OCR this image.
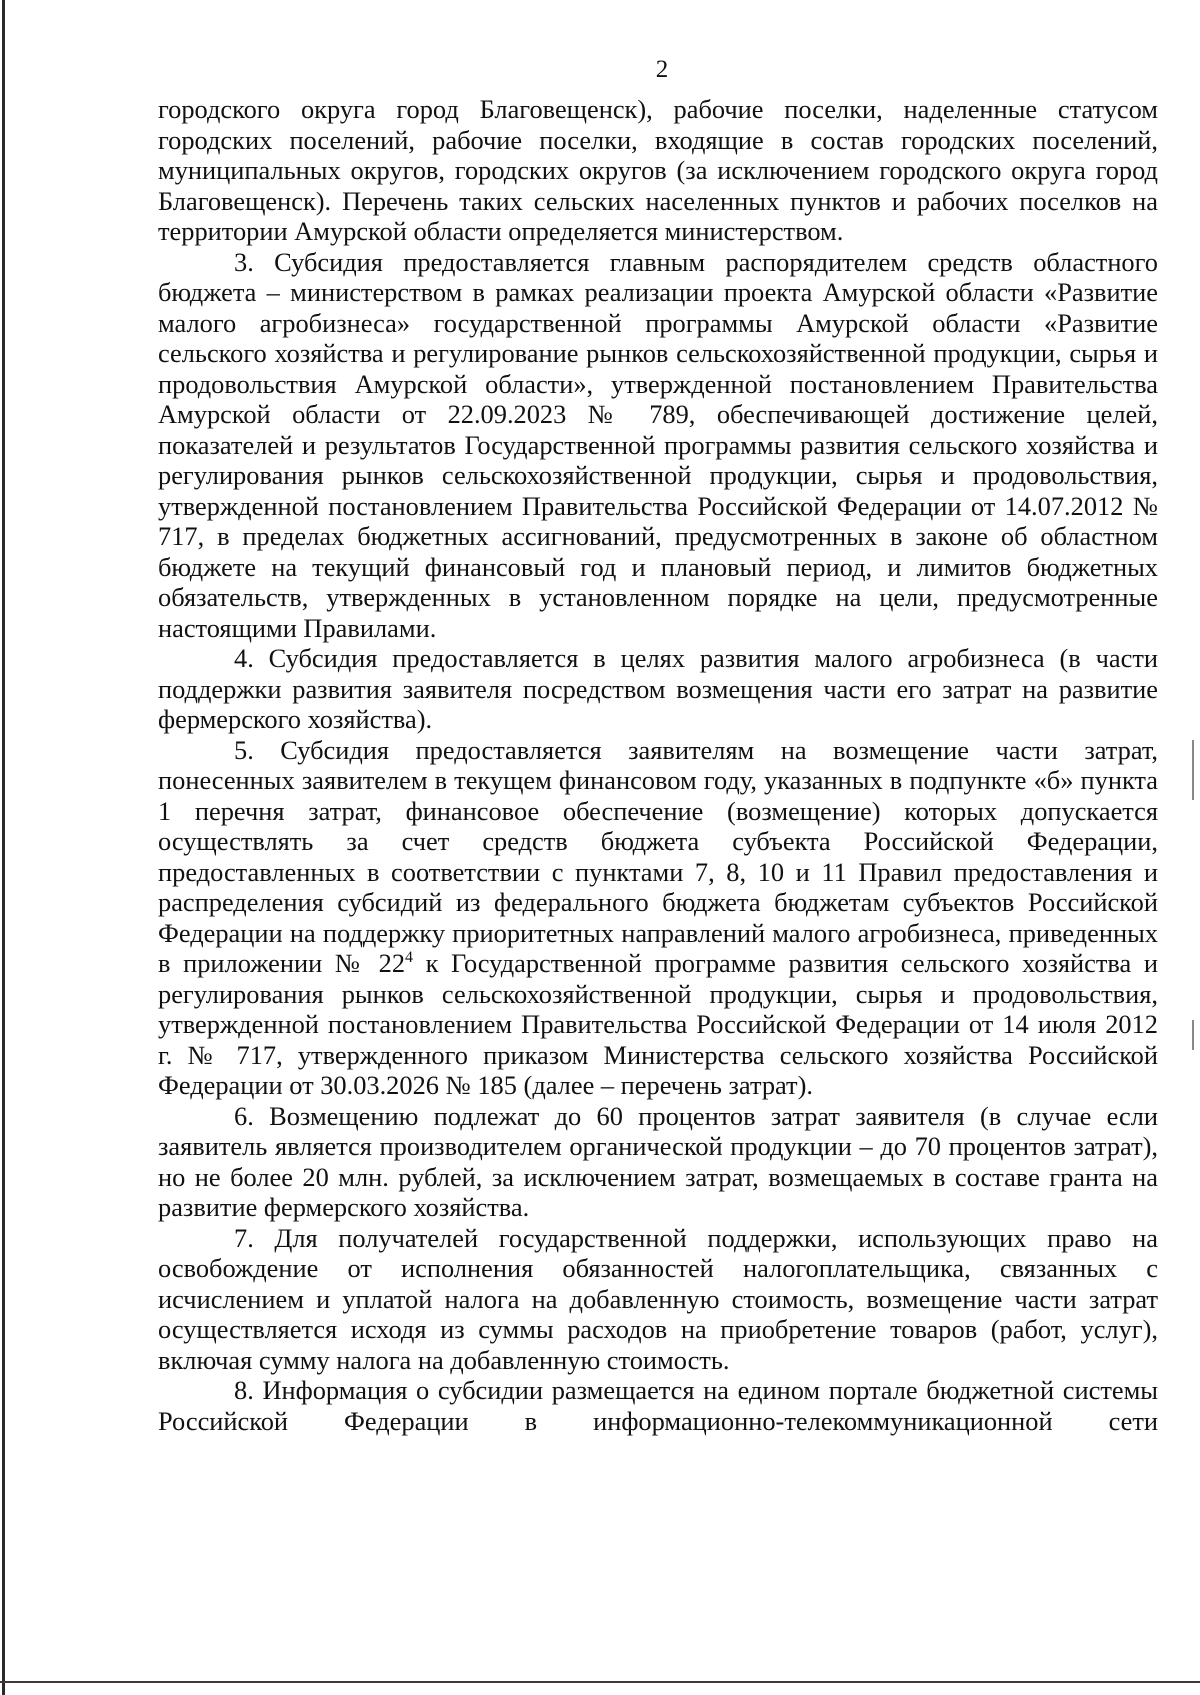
2

городского округа город Благовещенск), рабочие поселки, наделенные статусом городских поселений, рабочие поселки, входящие в состав городских поселений, муниципальных округов, городских округов (за исключением городского округа город Благовещенск). Перечень таких сельских населенных пунктов и рабочих поселков на территории Амурской области определяется министерством.

3. Субсидия предоставляется главным распорядителем средств областного бюджета – министерством в рамках реализации проекта Амурской области «Развитие малого агробизнеса» государственной программы Амурской области «Развитие сельского хозяйства и регулирование рынков сельскохозяйственной продукции, сырья и продовольствия Амурской области», утвержденной постановлением Правительства Амурской области от 22.09.2023 № 789, обеспечивающей достижение целей, показателей и результатов Государственной программы развития сельского хозяйства и регулирования рынков сельскохозяйственной продукции, сырья и продовольствия, утвержденной постановлением Правительства Российской Федерации от 14.07.2012 № 717, в пределах бюджетных ассигнований, предусмотренных в законе об областном бюджете на текущий финансовый год и плановый период, и лимитов бюджетных обязательств, утвержденных в установленном порядке на цели, предусмотренные настоящими Правилами.

4. Субсидия предоставляется в целях развития малого агробизнеса (в части поддержки развития заявителя посредством возмещения части его затрат на развитие фермерского хозяйства).

5. Субсидия предоставляется заявителям на возмещение части затрат, понесенных заявителем в текущем финансовом году, указанных в подпункте «б» пункта 1 перечня затрат, финансовое обеспечение (возмещение) которых допускается осуществлять за счет средств бюджета субъекта Российской Федерации, предоставленных в соответствии с пунктами 7, 8, 10 и 11 Правил предоставления и распределения субсидий из федерального бюджета бюджетам субъектов Российской Федерации на поддержку приоритетных направлений малого агробизнеса, приведенных в приложении № $22^4$ к Государственной программе развития сельского хозяйства и регулирования рынков сельскохозяйственной продукции, сырья и продовольствия, утвержденной постановлением Правительства Российской Федерации от 14 июля 2012 г. № 717, утвержденного приказом Министерства сельского хозяйства Российской Федерации от 30.03.2026 № 185 (далее – перечень затрат).

6. Возмещению подлежат до 60 процентов затрат заявителя (в случае если заявитель является производителем органической продукции – до 70 процентов затрат), но не более 20 млн. рублей, за исключением затрат, возмещаемых в составе гранта на развитие фермерского хозяйства.

7. Для получателей государственной поддержки, использующих право на освобождение от исполнения обязанностей налогоплательщика, связанных с исчислением и уплатой налога на добавленную стоимость, возмещение части затрат осуществляется исходя из суммы расходов на приобретение товаров (работ, услуг), включая сумму налога на добавленную стоимость.

8. Информация о субсидии размещается на едином портале бюджетной системы Российской Федерации в информационно-телекоммуникационной сети
